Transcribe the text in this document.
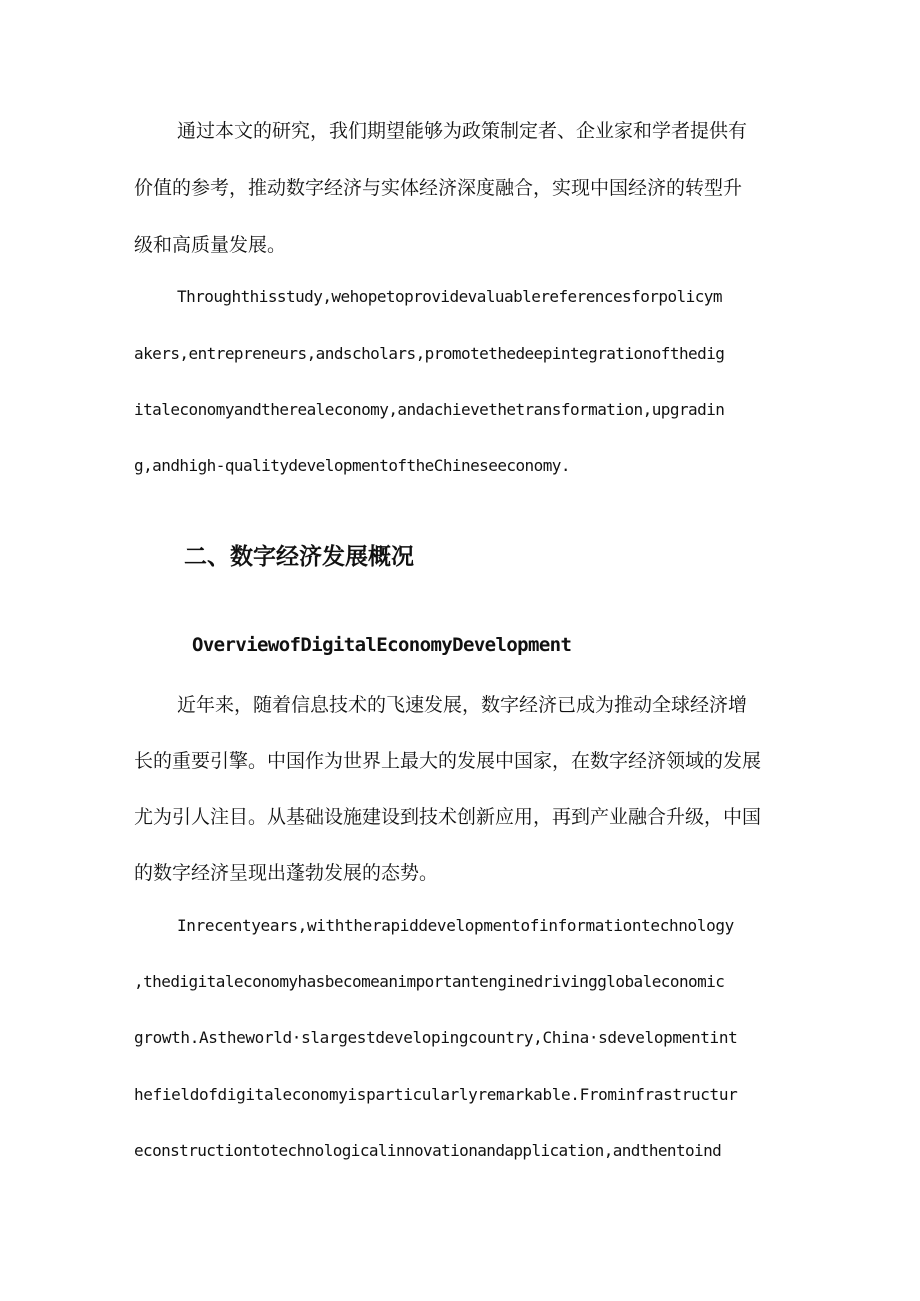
通过本文的研究，我们期望能够为政策制定者、企业家和学者提供有

价值的参考，推动数字经济与实体经济深度融合，实现中国经济的转型升

级和高质量发展。

Throughthisstudy,wehopetoprovidevaluablereferencesforpolicym

akers,entrepreneurs,andscholars,promotethedeepintegrationofthedig

italeconomyandtherealeconomy,andachievethetransformation,upgradin

g,andhigh-qualitydevelopmentoftheChineseeconomy.

二、数字经济发展概况
OverviewofDigitalEconomyDevelopment

近年来，随着信息技术的飞速发展，数字经济已成为推动全球经济增

长的重要引擎。中国作为世界上最大的发展中国家，在数字经济领域的发展

尤为引人注目。从基础设施建设到技术创新应用，再到产业融合升级，中国

的数字经济呈现出蓬勃发展的态势。

Inrecentyears,withtherapiddevelopmentofinformationtechnology

,thedigitaleconomyhasbecomeanimportantenginedrivingglobaleconomic

growth.Astheworld·slargestdevelopingcountry,China·sdevelopmentint

hefieldofdigitaleconomyisparticularlyremarkable.Frominfrastructur

econstructiontotechnologicalinnovationandapplication,andthentoind
